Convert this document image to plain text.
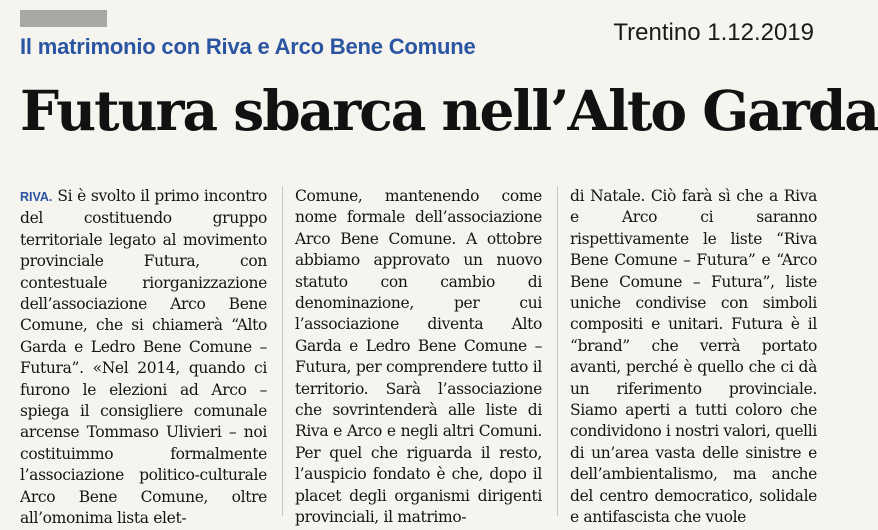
Il matrimonio con Riva e Arco Bene Comune
Trentino 1.12.2019
Futura sbarca nell’Alto Garda

RIVA. Si è svolto il primo incontro del costituendo gruppo territoriale legato al movimento provinciale Futura, con contestuale riorganizzazione dell’associazione Arco Bene Comune, che si chiamerà “Alto Garda e Ledro Bene Comune – Futura”. «Nel 2014, quando ci furono le elezioni ad Arco – spiega il consigliere comunale arcense Tommaso Ulivieri – noi costituimmo formalmente l’associazione politico-culturale Arco Bene Comune, oltre all’omonima lista elet-

Comune, mantenendo come nome formale dell’associazione Arco Bene Comune. A ottobre abbiamo approvato un nuovo statuto con cambio di denominazione, per cui l’associazione diventa Alto Garda e Ledro Bene Comune – Futura, per comprendere tutto il territorio. Sarà l’associazione che sovrintenderà alle liste di Riva e Arco e negli altri Comuni. Per quel che riguarda il resto, l’auspicio fondato è che, dopo il placet degli organismi dirigenti provinciali, il matrimo-

di Natale. Ciò farà sì che a Riva e Arco ci saranno rispettivamente le liste “Riva Bene Comune – Futura” e “Arco Bene Comune – Futura”, liste uniche condivise con simboli compositi e unitari. Futura è il “brand” che verrà portato avanti, perché è quello che ci dà un riferimento provinciale. Siamo aperti a tutti coloro che condividono i nostri valori, quelli di un’area vasta delle sinistre e dell’ambientalismo, ma anche del centro democratico, solidale e antifascista che vuole
